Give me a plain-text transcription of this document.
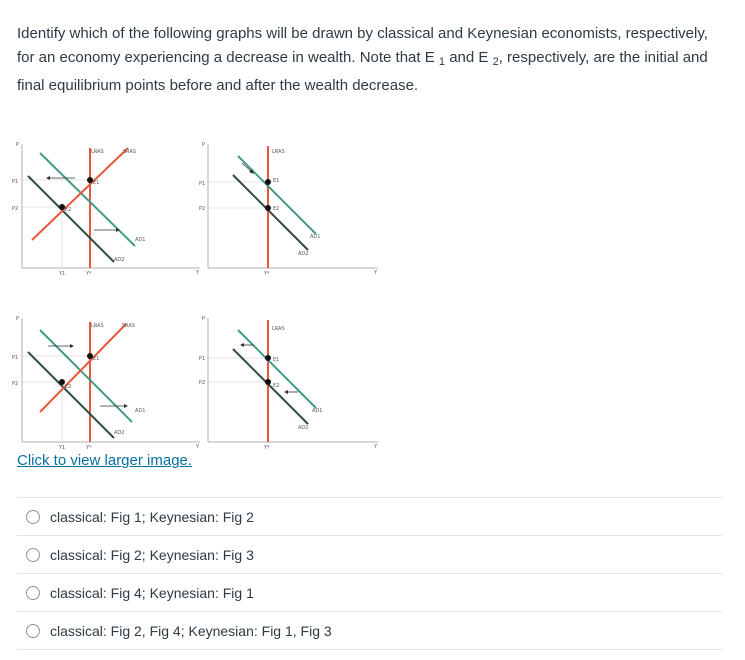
Identify which of the following graphs will be drawn by classical and Keynesian economists, respectively, for an economy experiencing a decrease in wealth. Note that E $_1$ and E $_2$, respectively, are the initial and final equilibrium points before and after the wealth decrease.
P
Y
P1
P2
LRAS	SRAS
AD1
AD2
Y1	Y*
E1
E2
P
Y
P1
P2
LRAS
AD1
AD2
Y*
E1
E2
P
Y
P1
P2
LRAS	SRAS
AD1
AD2
Y1	Y*
E1
E2
P
Y
P1
P2
LRAS
AD1
AD2
Y*
E1
E2
Click to view larger image.
classical: Fig 1; Keynesian: Fig 2
classical: Fig 2; Keynesian: Fig 3
classical: Fig 4; Keynesian: Fig 1
classical: Fig 2, Fig 4; Keynesian: Fig 1, Fig 3
